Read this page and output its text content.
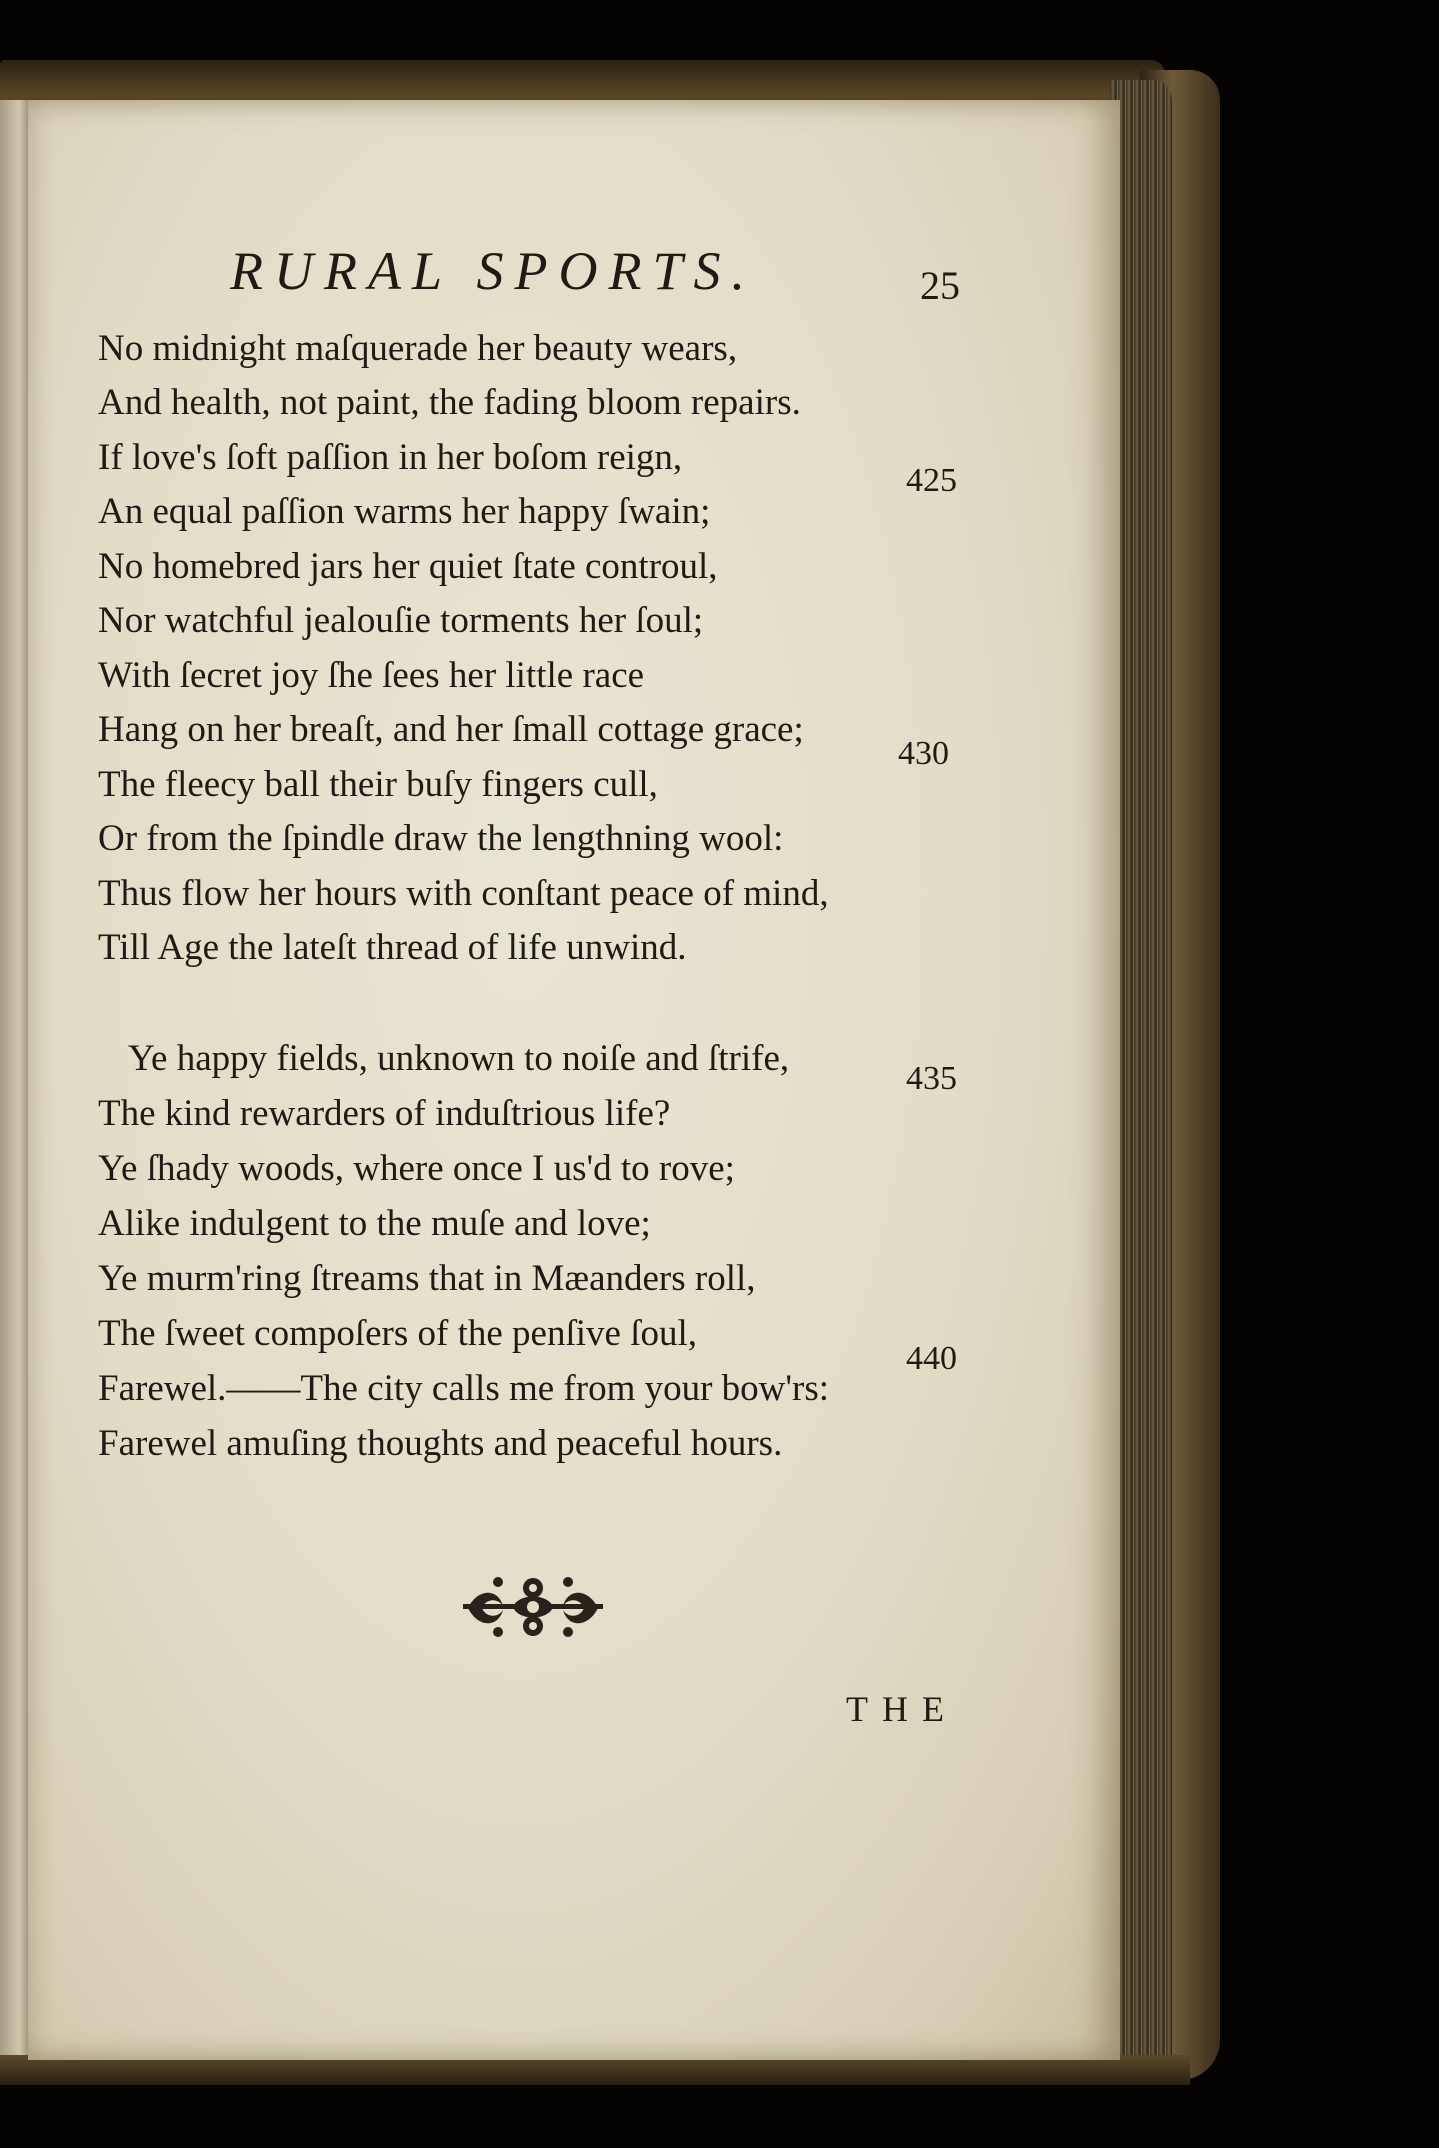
RURAL SPORTS.	25
No midnight maſquerade her beauty wears,
And health, not paint, the fading bloom repairs.
If love's ſoft paſſion in her boſom reign,
An equal paſſion warms her happy ſwain;
No homebred jars her quiet ſtate controul,
Nor watchful jealouſie torments her ſoul;
With ſecret joy ſhe ſees her little race
Hang on her breaſt, and her ſmall cottage grace;
The fleecy ball their buſy fingers cull,
Or from the ſpindle draw the lengthning wool:
Thus flow her hours with conſtant peace of mind,
Till Age the lateſt thread of life unwind.
Ye happy fields, unknown to noiſe and ſtrife,
The kind rewarders of induſtrious life?
Ye ſhady woods, where once I us'd to rove;
Alike indulgent to the muſe and love;
Ye murm'ring ſtreams that in Mæanders roll,
The ſweet compoſers of the penſive ſoul,
Farewel.——The city calls me from your bow'rs:
Farewel amuſing thoughts and peaceful hours.
425
430
435
440
THE
